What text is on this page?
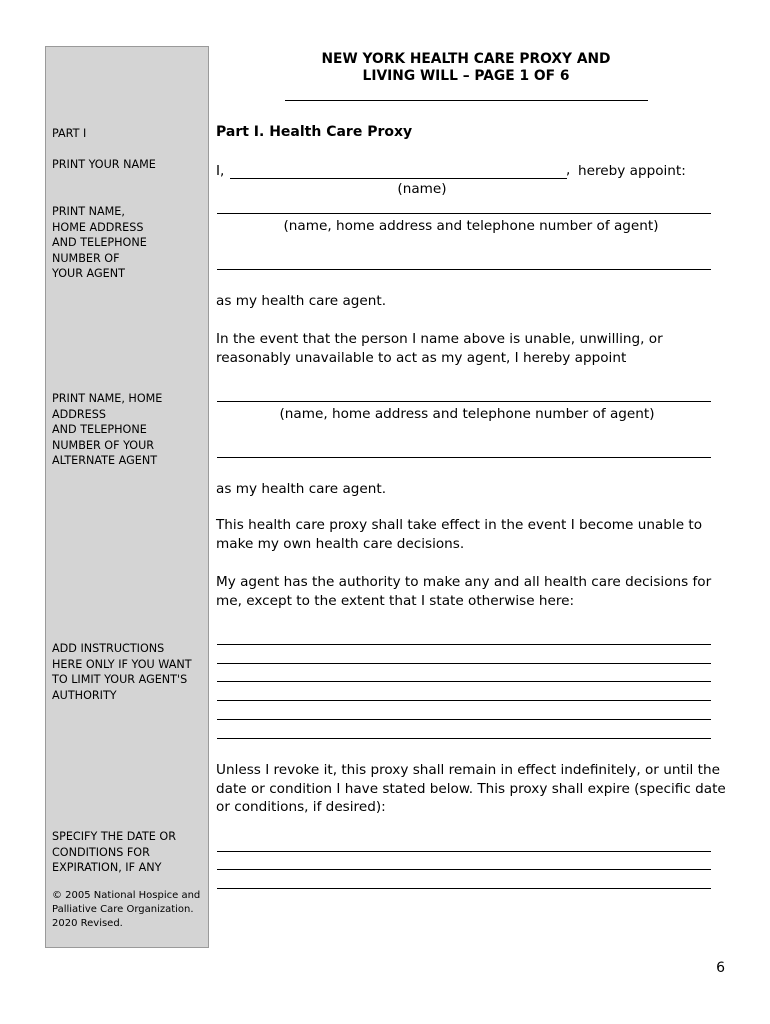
PART I
PRINT YOUR NAME
PRINT NAME,
HOME ADDRESS
AND TELEPHONE
NUMBER OF
YOUR AGENT
PRINT NAME, HOME
ADDRESS
AND TELEPHONE
NUMBER OF YOUR
ALTERNATE AGENT
ADD INSTRUCTIONS
HERE ONLY IF YOU WANT
TO LIMIT YOUR AGENT'S
AUTHORITY
SPECIFY THE DATE OR
CONDITIONS FOR
EXPIRATION, IF ANY
© 2005 National Hospice and
Palliative Care Organization.
2020 Revised.
NEW YORK HEALTH CARE PROXY AND
LIVING WILL – PAGE 1 OF 6
Part I. Health Care Proxy
I,	, hereby appoint:
(name)
(name, home address and telephone number of agent)
as my health care agent.
In the event that the person I name above is unable, unwilling, or reasonably unavailable to act as my agent, I hereby appoint
(name, home address and telephone number of agent)
as my health care agent.
This health care proxy shall take effect in the event I become unable to make my own health care decisions.
My agent has the authority to make any and all health care decisions for me, except to the extent that I state otherwise here:
Unless I revoke it, this proxy shall remain in effect indefinitely, or until the date or condition I have stated below. This proxy shall expire (specific date or conditions, if desired):
6
